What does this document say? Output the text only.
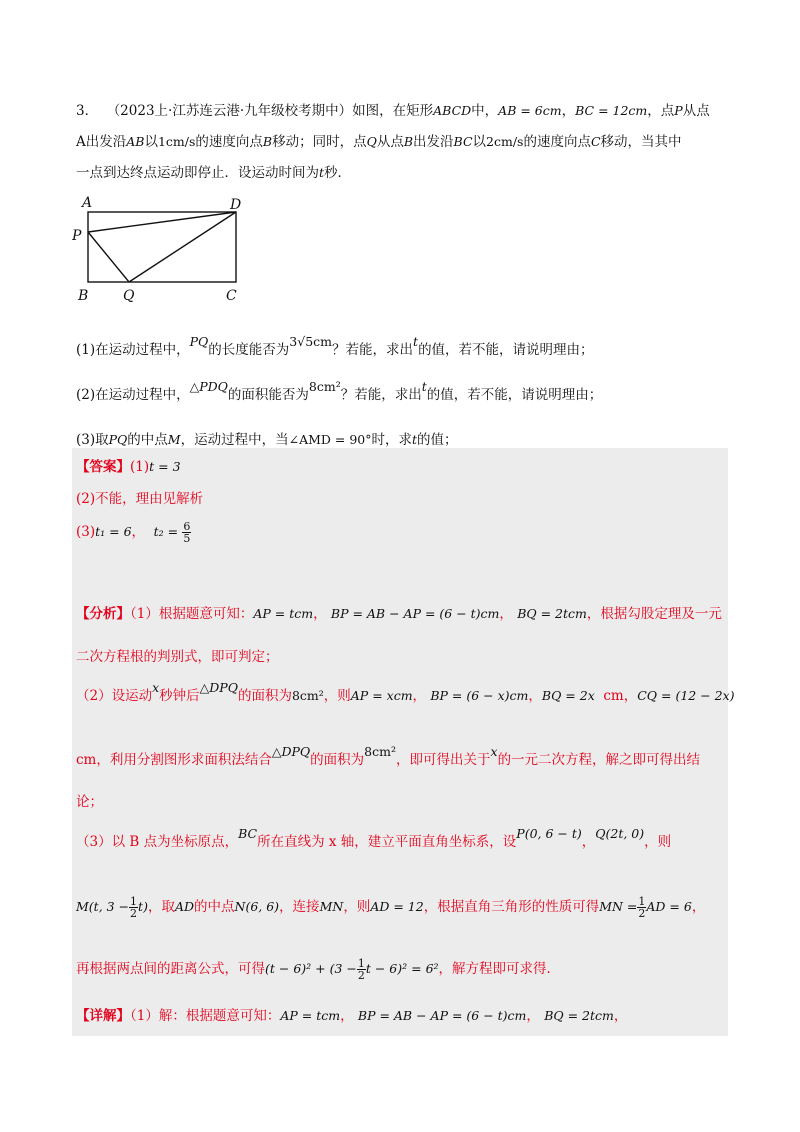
3． （2023上·江苏连云港·九年级校考期中）如图，在矩形ABCD中，AB = 6cm，BC = 12cm，点P从点
A出发沿AB以1cm/s的速度向点B移动；同时，点Q从点B出发沿BC以2cm/s的速度向点C移动，当其中
一点到达终点运动即停止．设运动时间为t秒．
A	D
P
B Q	C
(1)在运动过程中，PQ的长度能否为3√5cm？若能，求出t的值，若不能，请说明理由；
(2)在运动过程中，△PDQ的面积能否为8cm²？若能，求出t的值，若不能，请说明理由；
(3)取PQ的中点M，运动过程中，当∠AMD = 90°时，求t的值；
【答案】(1)t = 3
(2)不能，理由见解析
(3)t₁ = 6， $t_2 = \frac{6}{5}$
【分析】（1）根据题意可知：AP = tcm， BP = AB − AP = (6 − t)cm， BQ = 2tcm，根据勾股定理及一元
二次方程根的判别式，即可判定；
（2）设运动x秒钟后△DPQ的面积为8cm²，则AP = xcm， BP = (6 − x)cm，BQ = 2x cm，CQ = (12 − 2x)
cm，利用分割图形求面积法结合△DPQ的面积为8cm²，即可得出关于x的一元二次方程，解之即可得出结
论；
（3）以 B 点为坐标原点，BC所在直线为 x 轴，建立平面直角坐标系，设P(0, 6 − t)，Q(2t, 0)，则
M(t, $3 - \frac{1}{2} t$)，取AD的中点N(6, 6)，连接MN，则AD = 12，根据直角三角形的性质可得MN = $\frac{1}{2}$ AD = 6，
再根据两点间的距离公式，可得$(t - 6)^2 + (3 - \frac{1}{2}$ t − 6)² = 6²，解方程即可求得．
【详解】（1）解：根据题意可知：AP = tcm， BP = AB − AP = (6 − t)cm， BQ = 2tcm，
